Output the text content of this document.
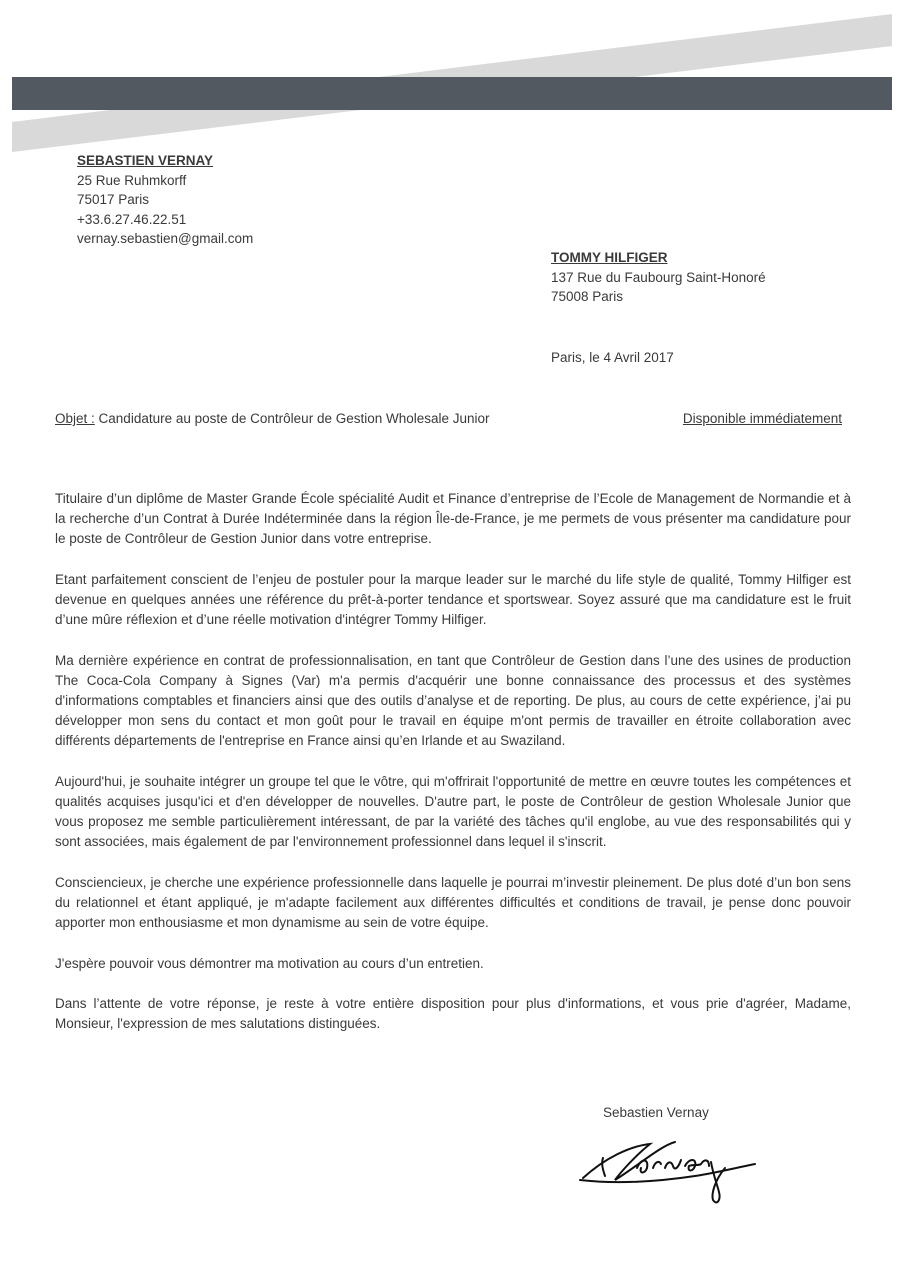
SEBASTIEN VERNAY
25 Rue Ruhmkorff
75017 Paris
+33.6.27.46.22.51
vernay.sebastien@gmail.com
TOMMY HILFIGER
137 Rue du Faubourg Saint-Honoré
75008 Paris
Paris, le 4 Avril 2017
Objet : Candidature au poste de Contrôleur de Gestion Wholesale Junior	Disponible immédiatement

Titulaire d’un diplôme de Master Grande École spécialité Audit et Finance d’entreprise de l’Ecole de Management de Normandie et à la recherche d’un Contrat à Durée Indéterminée dans la région Île-de-France, je me permets de vous présenter ma candidature pour le poste de Contrôleur de Gestion Junior dans votre entreprise.

Etant parfaitement conscient de l’enjeu de postuler pour la marque leader sur le marché du life style de qualité, Tommy Hilfiger est devenue en quelques années une référence du prêt-à-porter tendance et sportswear. Soyez assuré que ma candidature est le fruit d’une mûre réflexion et d’une réelle motivation d'intégrer Tommy Hilfiger.

Ma dernière expérience en contrat de professionnalisation, en tant que Contrôleur de Gestion dans l’une des usines de production The Coca-Cola Company à Signes (Var) m'a permis d'acquérir une bonne connaissance des processus et des systèmes d'informations comptables et financiers ainsi que des outils d’analyse et de reporting. De plus, au cours de cette expérience, j’ai pu développer mon sens du contact et mon goût pour le travail en équipe m'ont permis de travailler en étroite collaboration avec différents départements de l'entreprise en France ainsi qu’en Irlande et au Swaziland.

Aujourd'hui, je souhaite intégrer un groupe tel que le vôtre, qui m'offrirait l'opportunité de mettre en œuvre toutes les compétences et qualités acquises jusqu'ici et d'en développer de nouvelles. D'autre part, le poste de Contrôleur de gestion Wholesale Junior que vous proposez me semble particulièrement intéressant, de par la variété des tâches qu'il englobe, au vue des responsabilités qui y sont associées, mais également de par l'environnement professionnel dans lequel il s'inscrit.

Consciencieux, je cherche une expérience professionnelle dans laquelle je pourrai m’investir pleinement. De plus doté d’un bon sens du relationnel et étant appliqué, je m'adapte facilement aux différentes difficultés et conditions de travail, je pense donc pouvoir apporter mon enthousiasme et mon dynamisme au sein de votre équipe.

J'espère pouvoir vous démontrer ma motivation au cours d’un entretien.

Dans l’attente de votre réponse, je reste à votre entière disposition pour plus d'informations, et vous prie d'agréer, Madame, Monsieur, l'expression de mes salutations distinguées.

Sebastien Vernay
